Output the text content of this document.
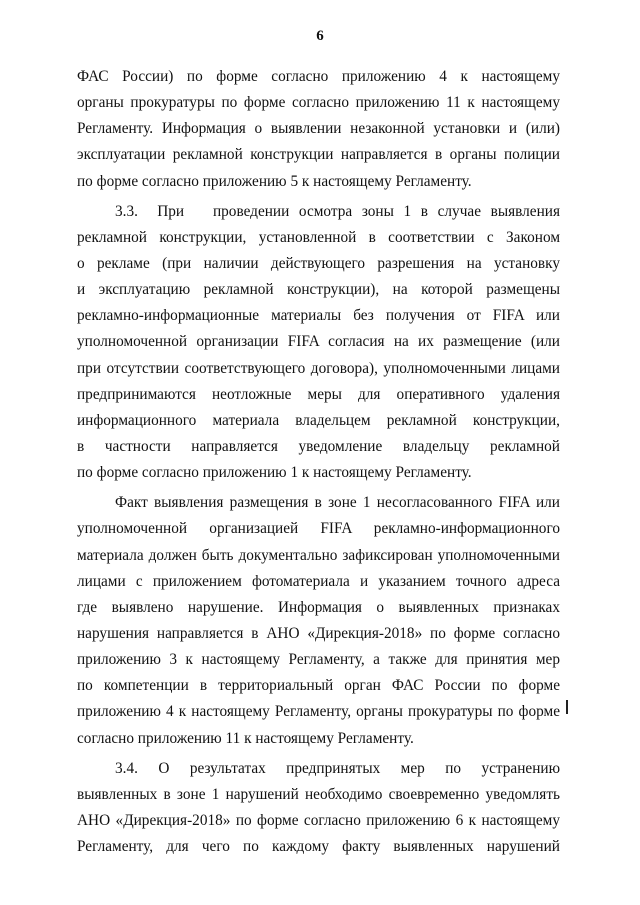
6
ФАС России) по форме согласно приложению 4 к настоящему
органы прокуратуры по форме согласно приложению 11 к настоящему
Регламенту. Информация о выявлении незаконной установки и (или)
эксплуатации рекламной конструкции направляется в органы полиции
по форме согласно приложению 5 к настоящему Регламенту.
3.3.  При   проведении осмотра зоны 1 в случае выявления
рекламной конструкции, установленной в соответствии с Законом
о рекламе (при наличии действующего разрешения на установку
и эксплуатацию рекламной конструкции), на которой размещены
рекламно-информационные материалы без получения от FIFA или
уполномоченной организации FIFA согласия на их размещение (или
при отсутствии соответствующего договора), уполномоченными лицами
предпринимаются неотложные меры для оперативного удаления
информационного материала владельцем рекламной конструкции,
в частности направляется уведомление владельцу рекламной
по форме согласно приложению 1 к настоящему Регламенту.
Факт выявления размещения в зоне 1 несогласованного FIFA или
уполномоченной организацией FIFA рекламно-информационного
материала должен быть документально зафиксирован уполномоченными
лицами с приложением фотоматериала и указанием точного адреса
где выявлено нарушение. Информация о выявленных признаках
нарушения направляется в АНО «Дирекция-2018» по форме согласно
приложению 3 к настоящему Регламенту, а также для принятия мер
по компетенции в территориальный орган ФАС России по форме
приложению 4 к настоящему Регламенту, органы прокуратуры по форме
согласно приложению 11 к настоящему Регламенту.
3.4. О результатах предпринятых мер по устранению
выявленных в зоне 1 нарушений необходимо своевременно уведомлять
АНО «Дирекция-2018» по форме согласно приложению 6 к настоящему
Регламенту, для чего по каждому факту выявленных нарушений
